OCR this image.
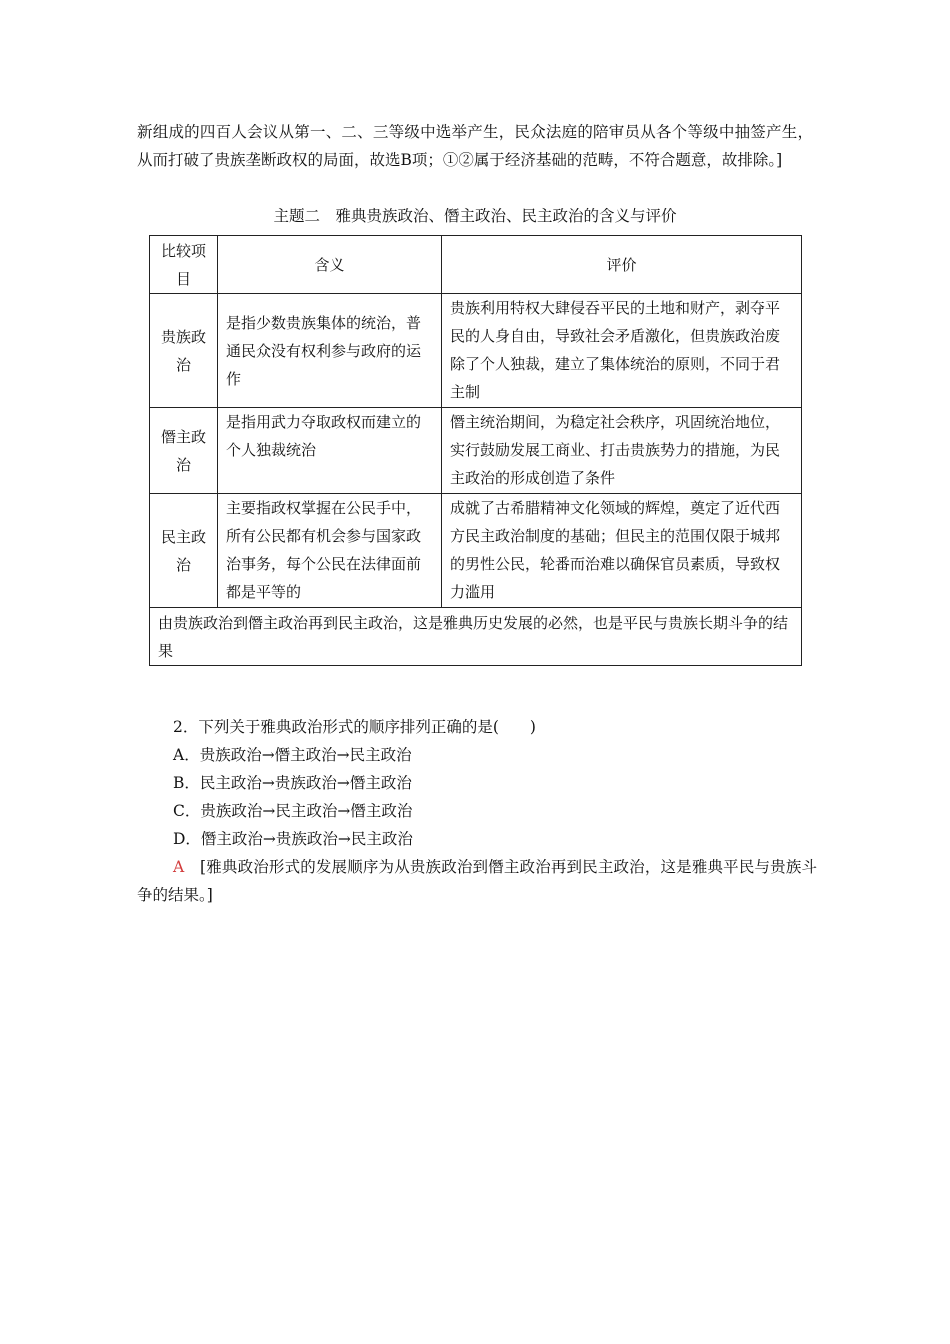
新组成的四百人会议从第一、二、三等级中选举产生，民众法庭的陪审员从各个等级中抽签产生，从而打破了贵族垄断政权的局面，故选B项；①②属于经济基础的范畴，不符合题意，故排除。]
主题二　雅典贵族政治、僭主政治、民主政治的含义与评价
比较项目	含义	评价
贵族政治	是指少数贵族集体的统治，普通民众没有权利参与政府的运作	贵族利用特权大肆侵吞平民的土地和财产，剥夺平民的人身自由，导致社会矛盾激化，但贵族政治废除了个人独裁，建立了集体统治的原则，不同于君主制
僭主政治	是指用武力夺取政权而建立的个人独裁统治	僭主统治期间，为稳定社会秩序，巩固统治地位，实行鼓励发展工商业、打击贵族势力的措施，为民主政治的形成创造了条件
民主政治	主要指政权掌握在公民手中，所有公民都有机会参与国家政治事务，每个公民在法律面前都是平等的	成就了古希腊精神文化领域的辉煌，奠定了近代西方民主政治制度的基础；但民主的范围仅限于城邦的男性公民，轮番而治难以确保官员素质，导致权力滥用
由贵族政治到僭主政治再到民主政治，这是雅典历史发展的必然，也是平民与贵族长期斗争的结果		
2．下列关于雅典政治形式的顺序排列正确的是(　　)
A．贵族政治→僭主政治→民主政治
B．民主政治→贵族政治→僭主政治
C．贵族政治→民主政治→僭主政治
D．僭主政治→贵族政治→民主政治
A　[雅典政治形式的发展顺序为从贵族政治到僭主政治再到民主政治，这是雅典平民与贵族斗争的结果。]
